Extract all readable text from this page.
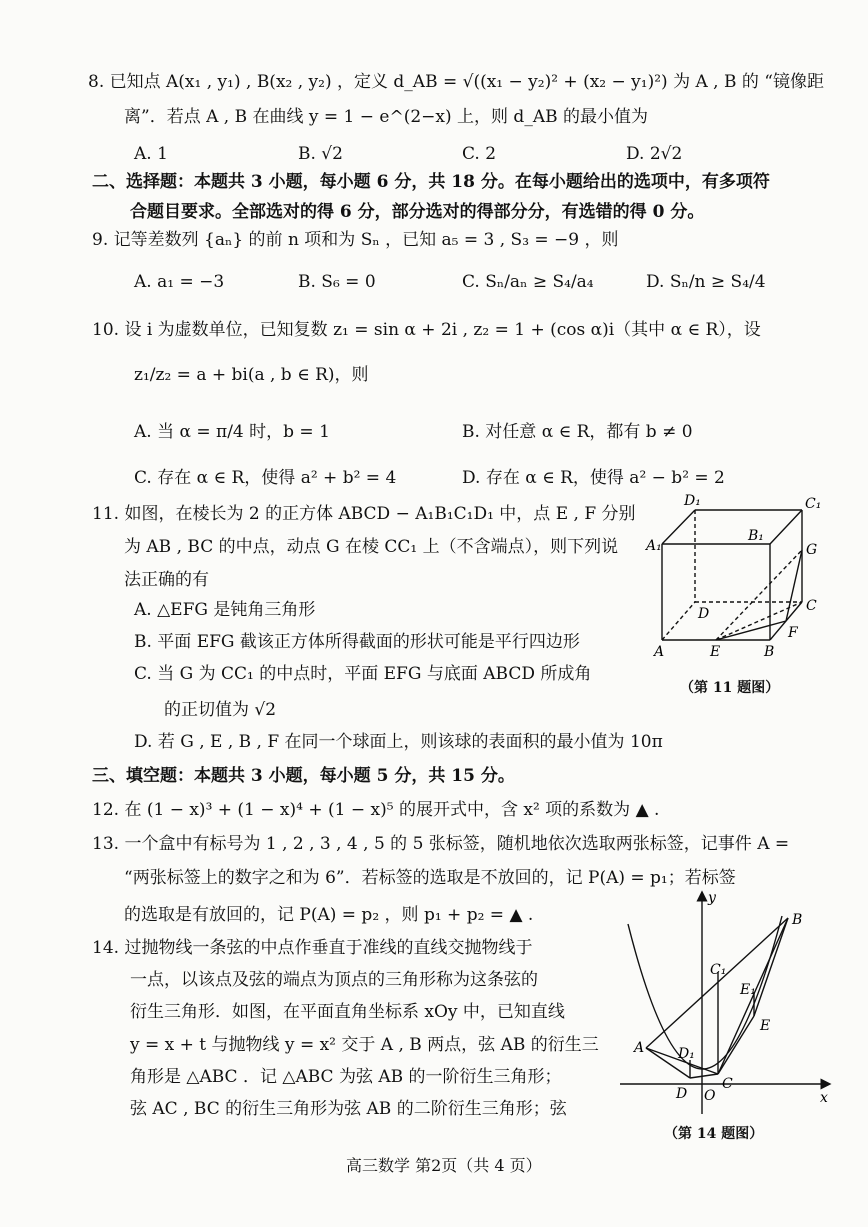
8. 已知点 A(x₁ , y₁) , B(x₂ , y₂) ，定义 d_AB = √((x₁ − y₂)² + (x₂ − y₁)²) 为 A , B 的 “镜像距
离”．若点 A , B 在曲线 y = 1 − e^(2−x) 上，则 d_AB 的最小值为
A. 1	B. √2	C. 2	D. 2√2
二、选择题：本题共 3 小题，每小题 6 分，共 18 分。在每小题给出的选项中，有多项符
合题目要求。全部选对的得 6 分，部分选对的得部分分，有选错的得 0 分。
9. 记等差数列 {aₙ} 的前 n 项和为 Sₙ ，已知 a₅ = 3 , S₃ = −9 ，则
A. a₁ = −3	B. S₆ = 0	C. Sₙ/aₙ ≥ S₄/a₄	D. Sₙ/n ≥ S₄/4
10. 设 i 为虚数单位，已知复数 z₁ = sin α + 2i , z₂ = 1 + (cos α)i（其中 α ∈ R），设
z₁/z₂ = a + bi(a , b ∈ R)，则
A. 当 α = π/4 时，b = 1	B. 对任意 α ∈ R，都有 b ≠ 0
C. 存在 α ∈ R，使得 a² + b² = 4	D. 存在 α ∈ R，使得 a² − b² = 2
11. 如图，在棱长为 2 的正方体 ABCD − A₁B₁C₁D₁ 中，点 E , F 分别
为 AB , BC 的中点，动点 G 在棱 CC₁ 上（不含端点），则下列说
法正确的有
A. △EFG 是钝角三角形
B. 平面 EFG 截该正方体所得截面的形状可能是平行四边形
C. 当 G 为 CC₁ 的中点时，平面 EFG 与底面 ABCD 所成角
的正切值为 √2
D. 若 G , E , B , F 在同一个球面上，则该球的表面积的最小值为 10π
D₁	C₁
A₁
B₁
G
C
D
F
A	E	B
（第 11 题图）
三、填空题：本题共 3 小题，每小题 5 分，共 15 分。
12. 在 (1 − x)³ + (1 − x)⁴ + (1 − x)⁵ 的展开式中，含 x² 项的系数为 ▲ .
13. 一个盒中有标号为 1 , 2 , 3 , 4 , 5 的 5 张标签，随机地依次选取两张标签，记事件 A =
“两张标签上的数字之和为 6”．若标签的选取是不放回的，记 P(A) = p₁；若标签
的选取是有放回的，记 P(A) = p₂ ，则 p₁ + p₂ = ▲ .
14. 过抛物线一条弦的中点作垂直于准线的直线交抛物线于
一点，以该点及弦的端点为顶点的三角形称为这条弦的
衍生三角形．如图，在平面直角坐标系 xOy 中，已知直线
y = x + t 与抛物线 y = x² 交于 A , B 两点，弦 AB 的衍生三
角形是 △ABC ．记 △ABC 为弦 AB 的一阶衍生三角形；
弦 AC , BC 的衍生三角形为弦 AB 的二阶衍生三角形；弦
y
x
O
B
A
C₁
E₁
E
D₁
D
C
（第 14 题图）
高三数学 第2页（共 4 页）
